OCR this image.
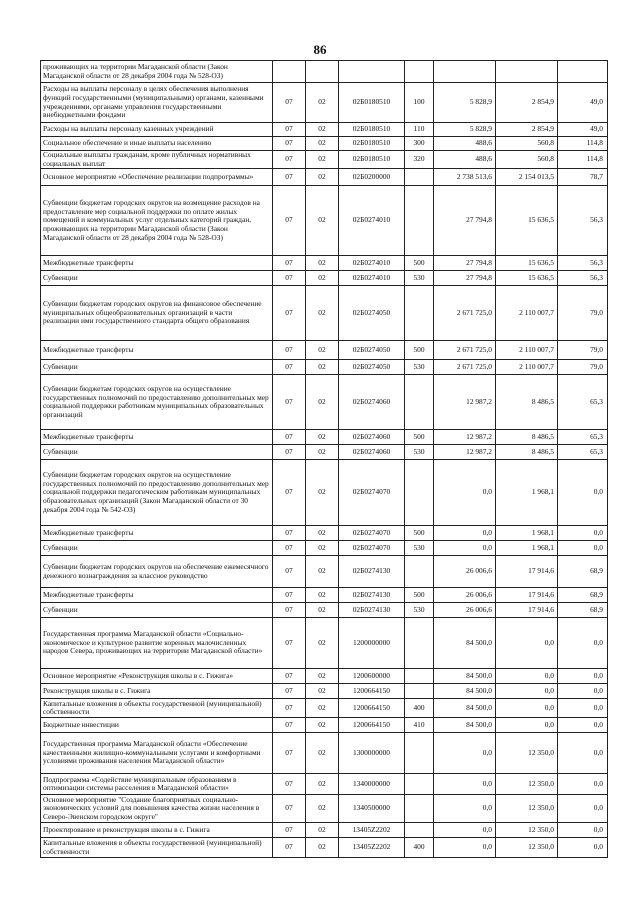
86
проживающих на территории Магаданской области (Закон Магаданской области от 28 декабря 2004 года № 528-ОЗ)							
Расходы на выплаты персоналу в целях обеспечения выполнения функций государственными (муниципальными) органами, казенными учреждениями, органами управления государственными внебюджетными фондами	07	02	02Б0180510	100	5 828,9	2 854,9	49,0
Расходы на выплаты персоналу казенных учреждений	07	02	02Б0180510	110	5 828,9	2 854,9	49,0
Социальное обеспечение и иные выплаты населению	07	02	02Б0180510	300	488,6	560,8	114,8
Социальные выплаты гражданам, кроме публичных нормативных социальных выплат	07	02	02Б0180510	320	488,6	560,8	114,8
Основное мероприятие «Обеспечение реализации подпрограммы»	07	02	02Б0200000		2 738 513,6	2 154 013,5	78,7
Субвенции бюджетам городских округов на возмещение расходов на предоставление мер социальной поддержки по оплате жилых помещений и коммунальных услуг отдельных категорий граждан, проживающих на территории Магаданской области (Закон Магаданской области от 28 декабря 2004 года № 528-ОЗ)	07	02	02Б0274010		27 794,8	15 636,5	56,3
Межбюджетные трансферты	07	02	02Б0274010	500	27 794,8	15 636,5	56,3
Субвенции	07	02	02Б0274010	530	27 794,8	15 636,5	56,3
Субвенции бюджетам городских округов на финансовое обеспечение муниципальных общеобразовательных организаций в части реализации ими государственного стандарта общего образования	07	02	02Б0274050		2 671 725,0	2 110 007,7	79,0
Межбюджетные трансферты	07	02	02Б0274050	500	2 671 725,0	2 110 007,7	79,0
Субвенции	07	02	02Б0274050	530	2 671 725,0	2 110 007,7	79,0
Субвенции бюджетам городских округов на осуществление государственных полномочий по предоставлению дополнительных мер социальной поддержки работникам муниципальных образовательных организаций	07	02	02Б0274060		12 987,2	8 486,5	65,3
Межбюджетные трансферты	07	02	02Б0274060	500	12 987,2	8 486,5	65,3
Субвенции	07	02	02Б0274060	530	12 987,2	8 486,5	65,3
Субвенции бюджетам городских округов на осуществление государственных полномочий по предоставлению дополнительных мер социальной поддержки педагогическим работникам муниципальных образовательных организаций (Закон Магаданской области от 30 декабря 2004 года № 542-ОЗ)	07	02	02Б0274070		0,0	1 968,1	0,0
Межбюджетные трансферты	07	02	02Б0274070	500	0,0	1 968,1	0,0
Субвенции	07	02	02Б0274070	530	0,0	1 968,1	0,0
Субвенции бюджетам городских округов на обеспечение ежемесячного денежного вознаграждения за классное руководство	07	02	02Б0274130		26 006,6	17 914,6	68,9
Межбюджетные трансферты	07	02	02Б0274130	500	26 006,6	17 914,6	68,9
Субвенции	07	02	02Б0274130	530	26 006,6	17 914,6	68,9
Государственная программа Магаданской области «Социально-экономическое и культурное развитие коренных малочисленных народов Севера, проживающих на территории Магаданской области»	07	02	1200000000		84 500,0	0,0	0,0
Основное мероприятие «Реконструкция школы в с. Гижига»	07	02	1200600000		84 500,0	0,0	0,0
Реконструкция школы в с. Гижига	07	02	1200664150		84 500,0	0,0	0,0
Капитальные вложения в объекты государственной (муниципальной) собственности	07	02	1200664150	400	84 500,0	0,0	0,0
Бюджетные инвестиции	07	02	1200664150	410	84 500,0	0,0	0,0
Государственная программа Магаданской области «Обеспечение качественными жилищно-коммунальными услугами и комфортными условиями проживания населения Магаданской области»	07	02	1300000000		0,0	12 350,0	0,0
Подпрограмма «Содействие муниципальным образованиям в оптимизации системы расселения в Магаданской области»	07	02	1340000000		0,0	12 350,0	0,0
Основное мероприятие "Создание благоприятных социально-экономических условий для повышения качества жизни населения в Северо-Эвенском городском округе"	07	02	1340500000		0,0	12 350,0	0,0
Проектирование и реконструкция школы в с. Гижига	07	02	13405Z2202		0,0	12 350,0	0,0
Капитальные вложения в объекты государственной (муниципальной) собственности	07	02	13405Z2202	400	0,0	12 350,0	0,0
